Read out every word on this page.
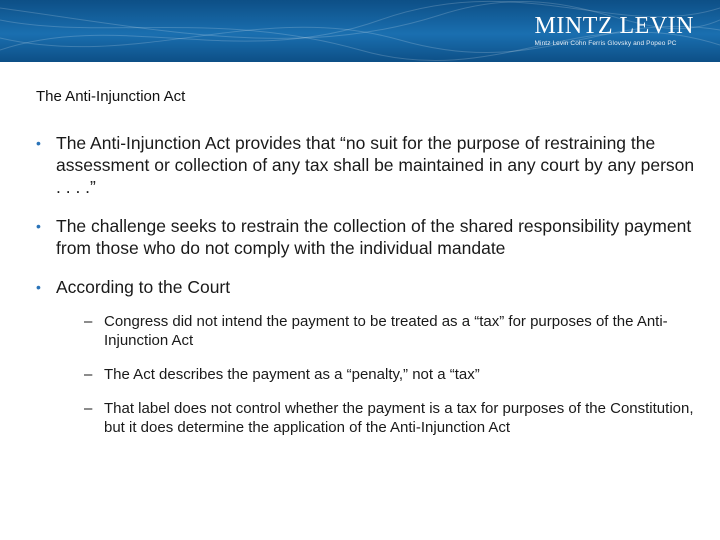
MINTZ LEVIN
Mintz Levin Cohn Ferris Glovsky and Popeo PC
The Anti-Injunction Act
• The Anti-Injunction Act provides that “no suit for the purpose of restraining the assessment or collection of any tax shall be maintained in any court by any person . . . .”
• The challenge seeks to restrain the collection of the shared responsibility payment from those who do not comply with the individual mandate
• According to the Court
– Congress did not intend the payment to be treated as a “tax” for purposes of the Anti-Injunction Act
– The Act describes the payment as a “penalty,” not a “tax”
– That label does not control whether the payment is a tax for purposes of the Constitution, but it does determine the application of the Anti-Injunction Act
